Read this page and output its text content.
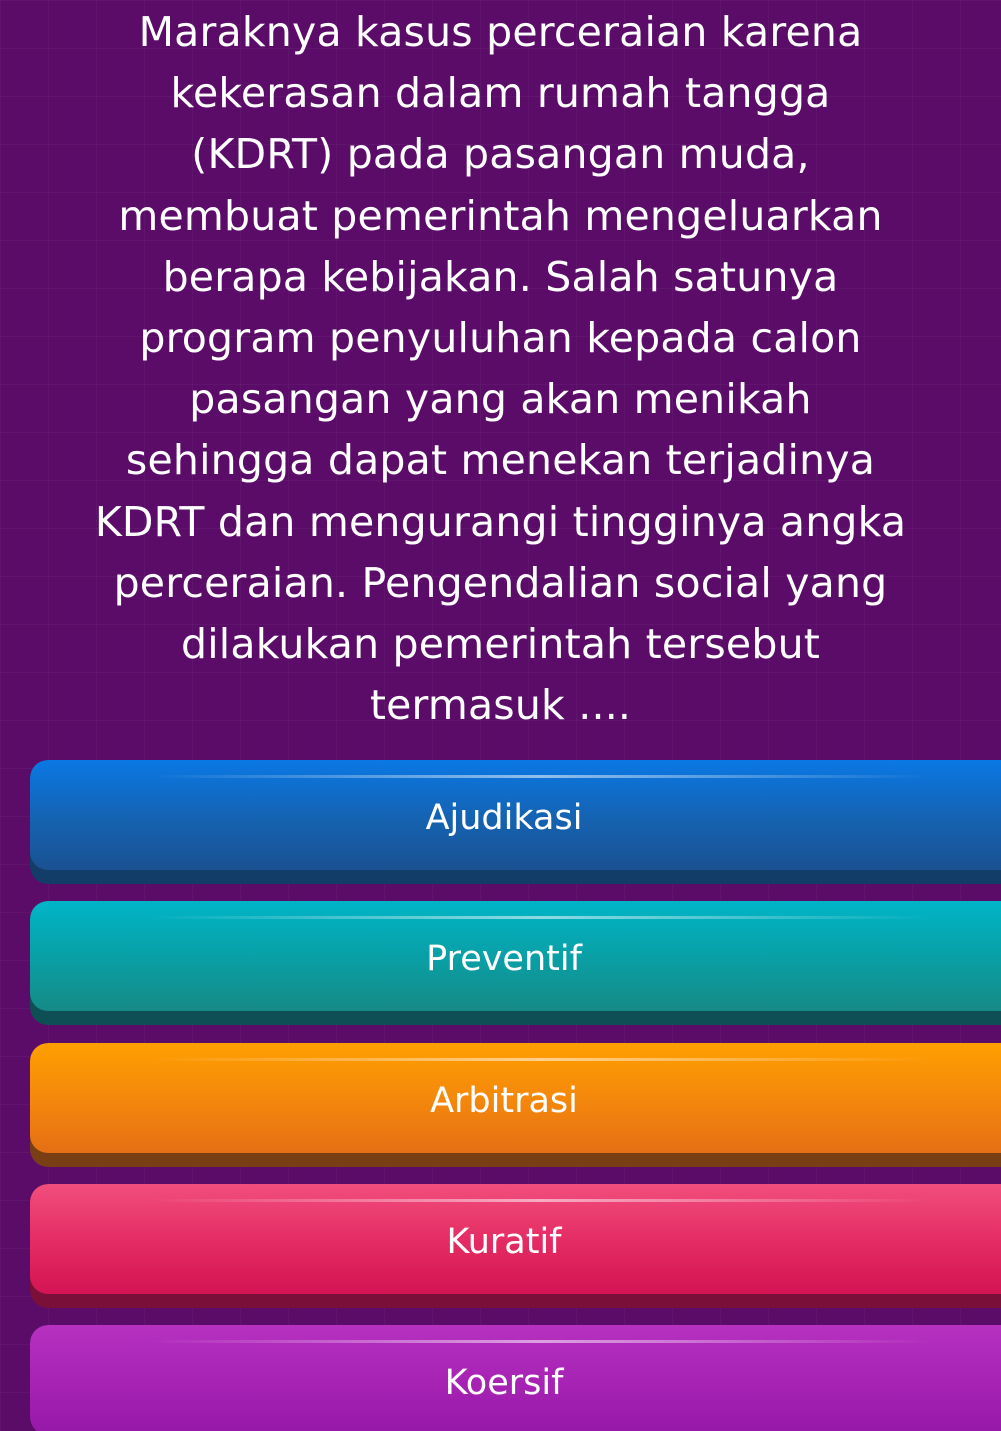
Maraknya kasus perceraian karena
kekerasan dalam rumah tangga
(KDRT) pada pasangan muda,
membuat pemerintah mengeluarkan
berapa kebijakan. Salah satunya
program penyuluhan kepada calon
pasangan yang akan menikah
sehingga dapat menekan terjadinya
KDRT dan mengurangi tingginya angka
perceraian. Pengendalian social yang
dilakukan pemerintah tersebut
termasuk ....
Ajudikasi
Preventif
Arbitrasi
Kuratif
Koersif
